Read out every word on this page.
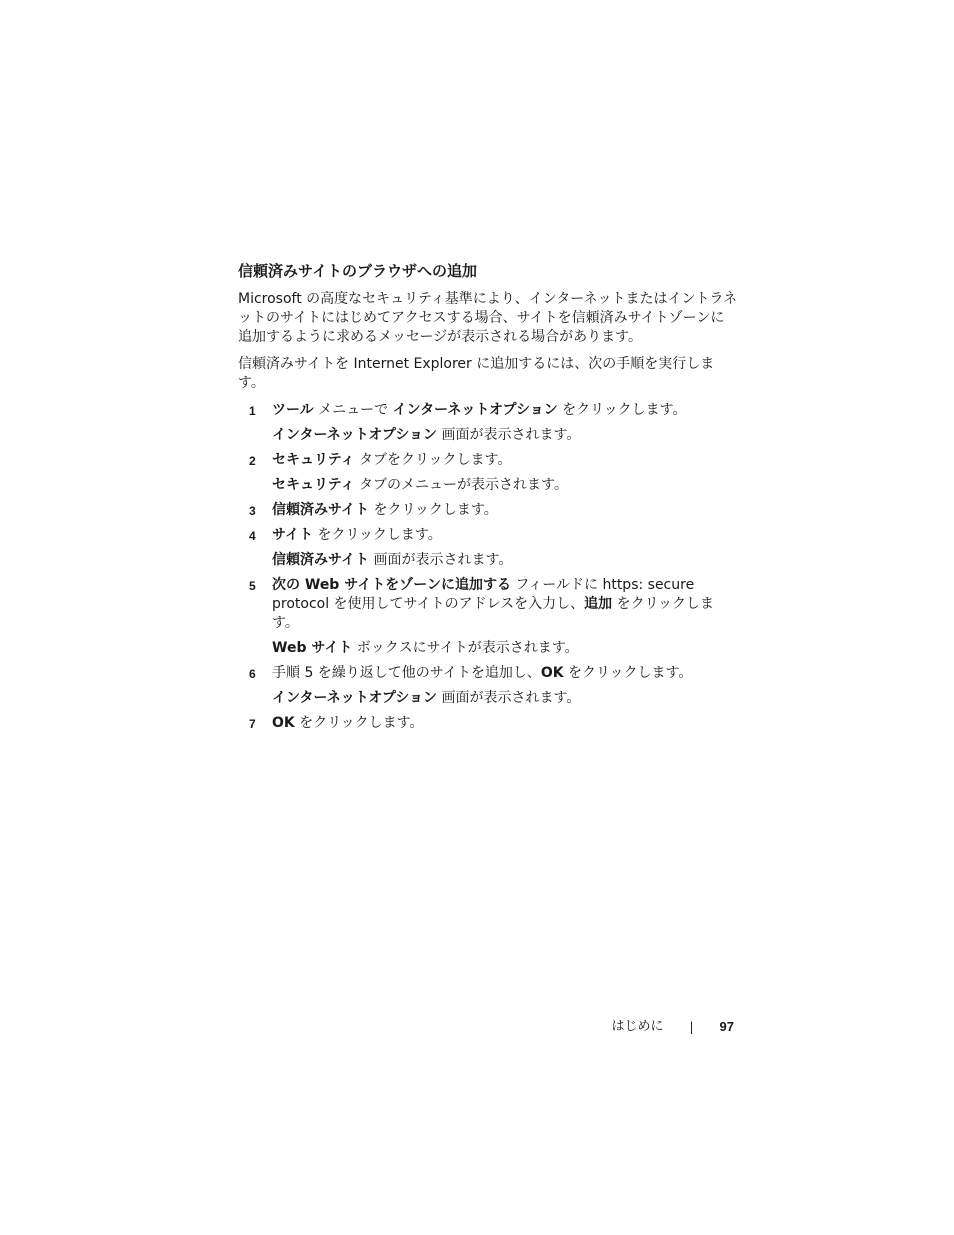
信頼済みサイトのブラウザへの追加

Microsoft の高度なセキュリティ基準により、インターネットまたはイントラネットのサイトにはじめてアクセスする場合、サイトを信頼済みサイトゾーンに追加するように求めるメッセージが表示される場合があります。

信頼済みサイトを Internet Explorer に追加するには、次の手順を実行します。

1 ツール メニューで インターネットオプション をクリックします。
インターネットオプション 画面が表示されます。
2 セキュリティ タブをクリックします。
セキュリティ タブのメニューが表示されます。
3 信頼済みサイト をクリックします。
4 サイト をクリックします。
信頼済みサイト 画面が表示されます。
5 次の Web サイトをゾーンに追加する フィールドに https: secure protocol を使用してサイトのアドレスを入力し、追加 をクリックします。
Web サイト ボックスにサイトが表示されます。
6 手順 5 を繰り返して他のサイトを追加し、OK をクリックします。
インターネットオプション 画面が表示されます。
7 OK をクリックします。
はじめに | 97
